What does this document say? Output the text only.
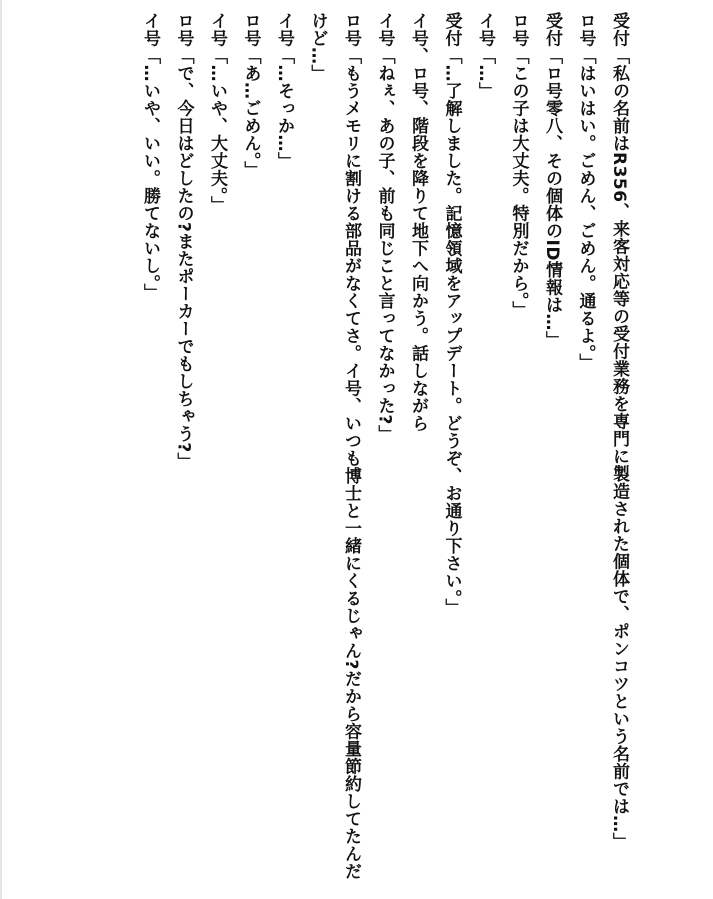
受付「私の名前はR356、来客対応等の受付業務を専門に製造された個体で、ポンコツという名前では…」
ロ号「はいはい。ごめん、ごめん。通るよ。」
受付「ロ号零八、その個体のID情報は…」
ロ号「この子は大丈夫。特別だから。」
イ号「…」
受付「…了解しました。記憶領域をアップデート。どうぞ、お通り下さい。」
イ号、ロ号、階段を降りて地下へ向かう。話しながら
イ号「ねぇ、あの子、前も同じこと言ってなかった?」
ロ号「もうメモリに割ける部品がなくてさ。イ号、いつも博士と一緒にくるじゃん?だから容量節約してたんだけど…」
イ号「…そっか…」
ロ号「あ…ごめん。」
イ号「…いや、大丈夫。」
ロ号「で、今日はどしたの?またポーカーでもしちゃう?」
イ号「…いや、いい。勝てないし。」
